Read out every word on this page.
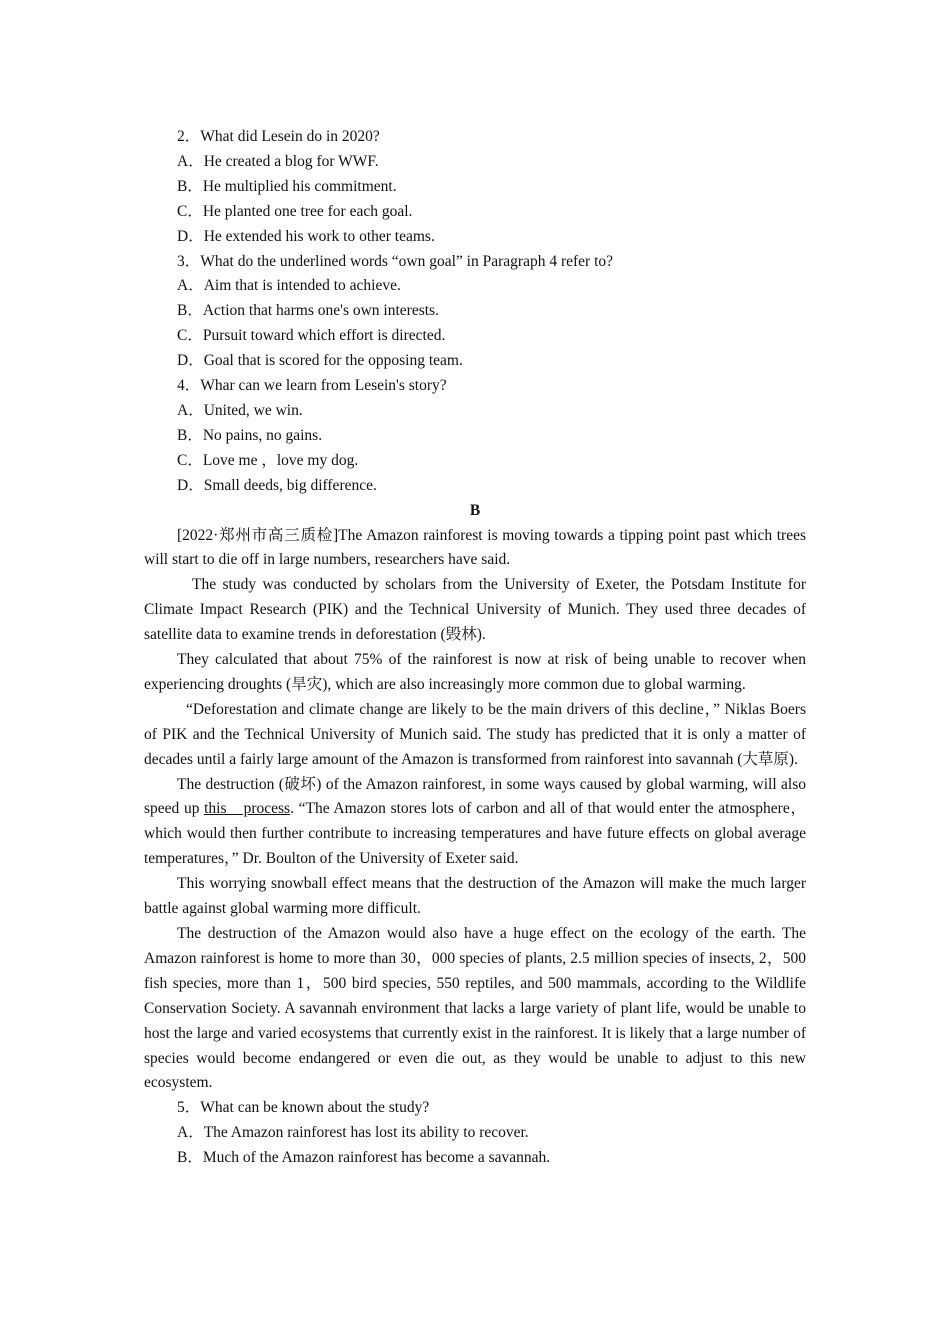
2．What did Lesein do in 2020?
A．He created a blog for WWF.
B．He multiplied his commitment.
C．He planted one tree for each goal.
D．He extended his work to other teams.
3．What do the underlined words “own goal” in Paragraph 4 refer to?
A．Aim that is intended to achieve.
B．Action that harms one's own interests.
C．Pursuit toward which effort is directed.
D．Goal that is scored for the opposing team.
4．Whar can we learn from Lesein's story?
A．United, we win.
B．No pains, no gains.
C．Love me ，love my dog.
D．Small deeds, big difference.
B

[2022·郑州市高三质检]The Amazon rainforest is moving towards a tipping point past which trees will start to die off in large numbers, researchers have said.

The study was conducted by scholars from the University of Exeter, the Potsdam Institute for Climate Impact Research (PIK) and the Technical University of Munich. They used three decades of satellite data to examine trends in deforestation (毁林).

They calculated that about 75% of the rainforest is now at risk of being unable to recover when experiencing droughts (旱灾), which are also increasingly more common due to global warming.

“Deforestation and climate change are likely to be the main drivers of this decline，” Niklas Boers of PIK and the Technical University of Munich said. The study has predicted that it is only a matter of decades until a fairly large amount of the Amazon is transformed from rainforest into savannah (大草原).

The destruction (破坏) of the Amazon rainforest, in some ways caused by global warming, will also speed up this　process. “The Amazon stores lots of carbon and all of that would enter the atmosphere，which would then further contribute to increasing temperatures and have future effects on global average temperatures，” Dr. Boulton of the University of Exeter said.

This worrying snowball effect means that the destruction of the Amazon will make the much larger battle against global warming more difficult.

The destruction of the Amazon would also have a huge effect on the ecology of the earth. The Amazon rainforest is home to more than 30，000 species of plants, 2.5 million species of insects, 2，500 fish species, more than 1，500 bird species, 550 reptiles, and 500 mammals, according to the Wildlife Conservation Society. A savannah environment that lacks a large variety of plant life, would be unable to host the large and varied ecosystems that currently exist in the rainforest. It is likely that a large number of species would become endangered or even die out, as they would be unable to adjust to this new ecosystem.

5．What can be known about the study?
A．The Amazon rainforest has lost its ability to recover.
B．Much of the Amazon rainforest has become a savannah.
